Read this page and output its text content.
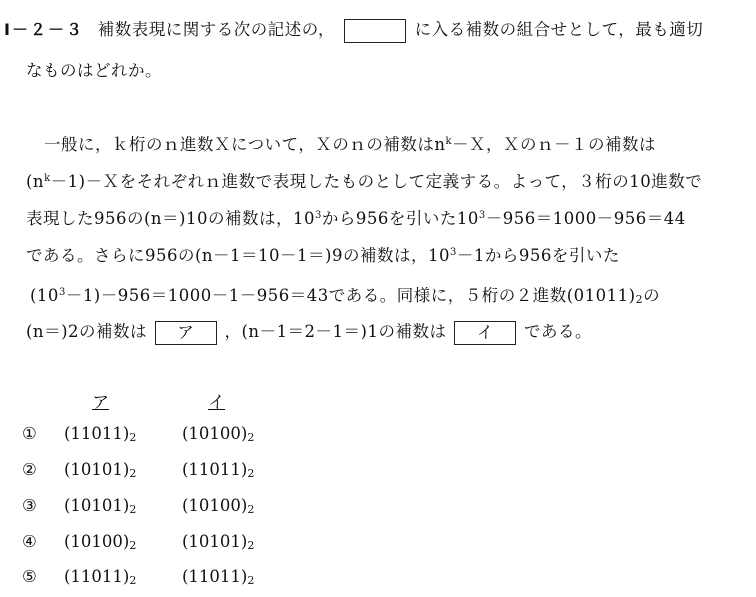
Ⅰ－２－３ 補数表現に関する次の記述の，	に入る補数の組合せとして，最も適切
なものはどれか。
一般に，ｋ桁のｎ進数Ｘについて，Ｘのｎの補数は$n^k-X$，Ｘのｎ－１の補数は
$(n^k-1)-X$をそれぞれｎ進数で表現したものとして定義する。よって，３桁の10進数で
表現した956の(n＝)10の補数は，$10^3$から956を引いた$10^3-956=1000-956=44$
である。さらに956の(n－1＝10－1＝)9の補数は，$10^3-1$から956を引いた
$(10^3-1)-956=1000-1-956=43$である。同様に，５桁の２進数$(01011)_2$の
(n＝)2の補数は ア ，(n－1＝2－1＝)1の補数は イ である。
ア	イ
① $(11011)_2$	$(10100)_2$
② $(10101)_2$	$(11011)_2$
③ $(10101)_2$	$(10100)_2$
④ $(10100)_2$	$(10101)_2$
⑤ $(11011)_2$	$(11011)_2$
